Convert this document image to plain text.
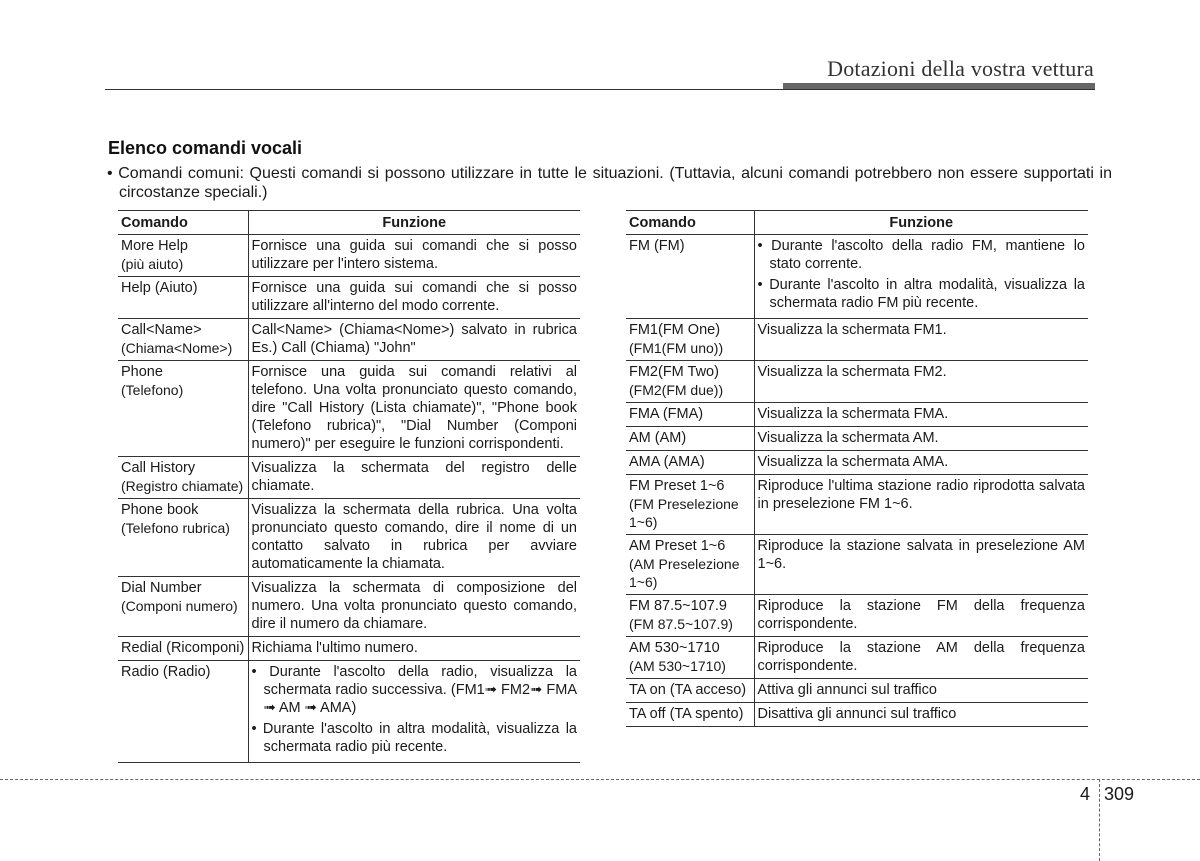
Dotazioni della vostra vettura
Elenco comandi vocali
• Comandi comuni: Questi comandi si possono utilizzare in tutte le situazioni. (Tuttavia, alcuni comandi potrebbero non essere supportati in circostanze speciali.)
Comando	Funzione

More Help
(più aiuto)	Fornisce una guida sui comandi che si posso utilizzare per l'intero sistema.

Help (Aiuto)	Fornisce una guida sui comandi che si posso utilizzare all'interno del modo corrente.

Call<Name>
(Chiama<Nome>)	Call<Name> (Chiama<Nome>) salvato in rubrica Es.) Call (Chiama) "John"

Phone
(Telefono)	Fornisce una guida sui comandi relativi al telefono. Una volta pronunciato questo comando, dire "Call History (Lista chiamate)", "Phone book (Telefono rubrica)", "Dial Number (Componi numero)" per eseguire le funzioni corrispondenti.

Call History
(Registro chiamate)	Visualizza la schermata del registro delle chiamate.

Phone book
(Telefono rubrica)	Visualizza la schermata della rubrica. Una volta pronunciato questo comando, dire il nome di un contatto salvato in rubrica per avviare automaticamente la chiamata.

Dial Number
(Componi numero)	Visualizza la schermata di composizione del numero. Una volta pronunciato questo comando, dire il numero da chiamare.

Redial (Ricomponi)	Richiama l'ultimo numero.

Radio (Radio)	• Durante l'ascolto della radio, visualizza la schermata radio successiva. (FM1➟ FM2➟ FMA ➟ AM ➟ AMA)
• Durante l'ascolto in altra modalità, visualizza la schermata radio più recente.
Comando	Funzione

FM (FM)	• Durante l'ascolto della radio FM, mantiene lo stato corrente.
• Durante l'ascolto in altra modalità, visualizza la schermata radio FM più recente.

FM1(FM One)
(FM1(FM uno))	Visualizza la schermata FM1.

FM2(FM Two)
(FM2(FM due))	Visualizza la schermata FM2.

FMA (FMA)	Visualizza la schermata FMA.

AM (AM)	Visualizza la schermata AM.

AMA (AMA)	Visualizza la schermata AMA.

FM Preset 1~6
(FM Preselezione
1~6)	Riproduce l'ultima stazione radio riprodotta salvata in preselezione FM 1~6.

AM Preset 1~6
(AM Preselezione
1~6)	Riproduce la stazione salvata in preselezione AM 1~6.

FM 87.5~107.9
(FM 87.5~107.9)	Riproduce la stazione FM della frequenza corrispondente.

AM 530~1710
(AM 530~1710)	Riproduce la stazione AM della frequenza corrispondente.

TA on (TA acceso)	Attiva gli annunci sul traffico

TA off (TA spento)	Disattiva gli annunci sul traffico
4 309
